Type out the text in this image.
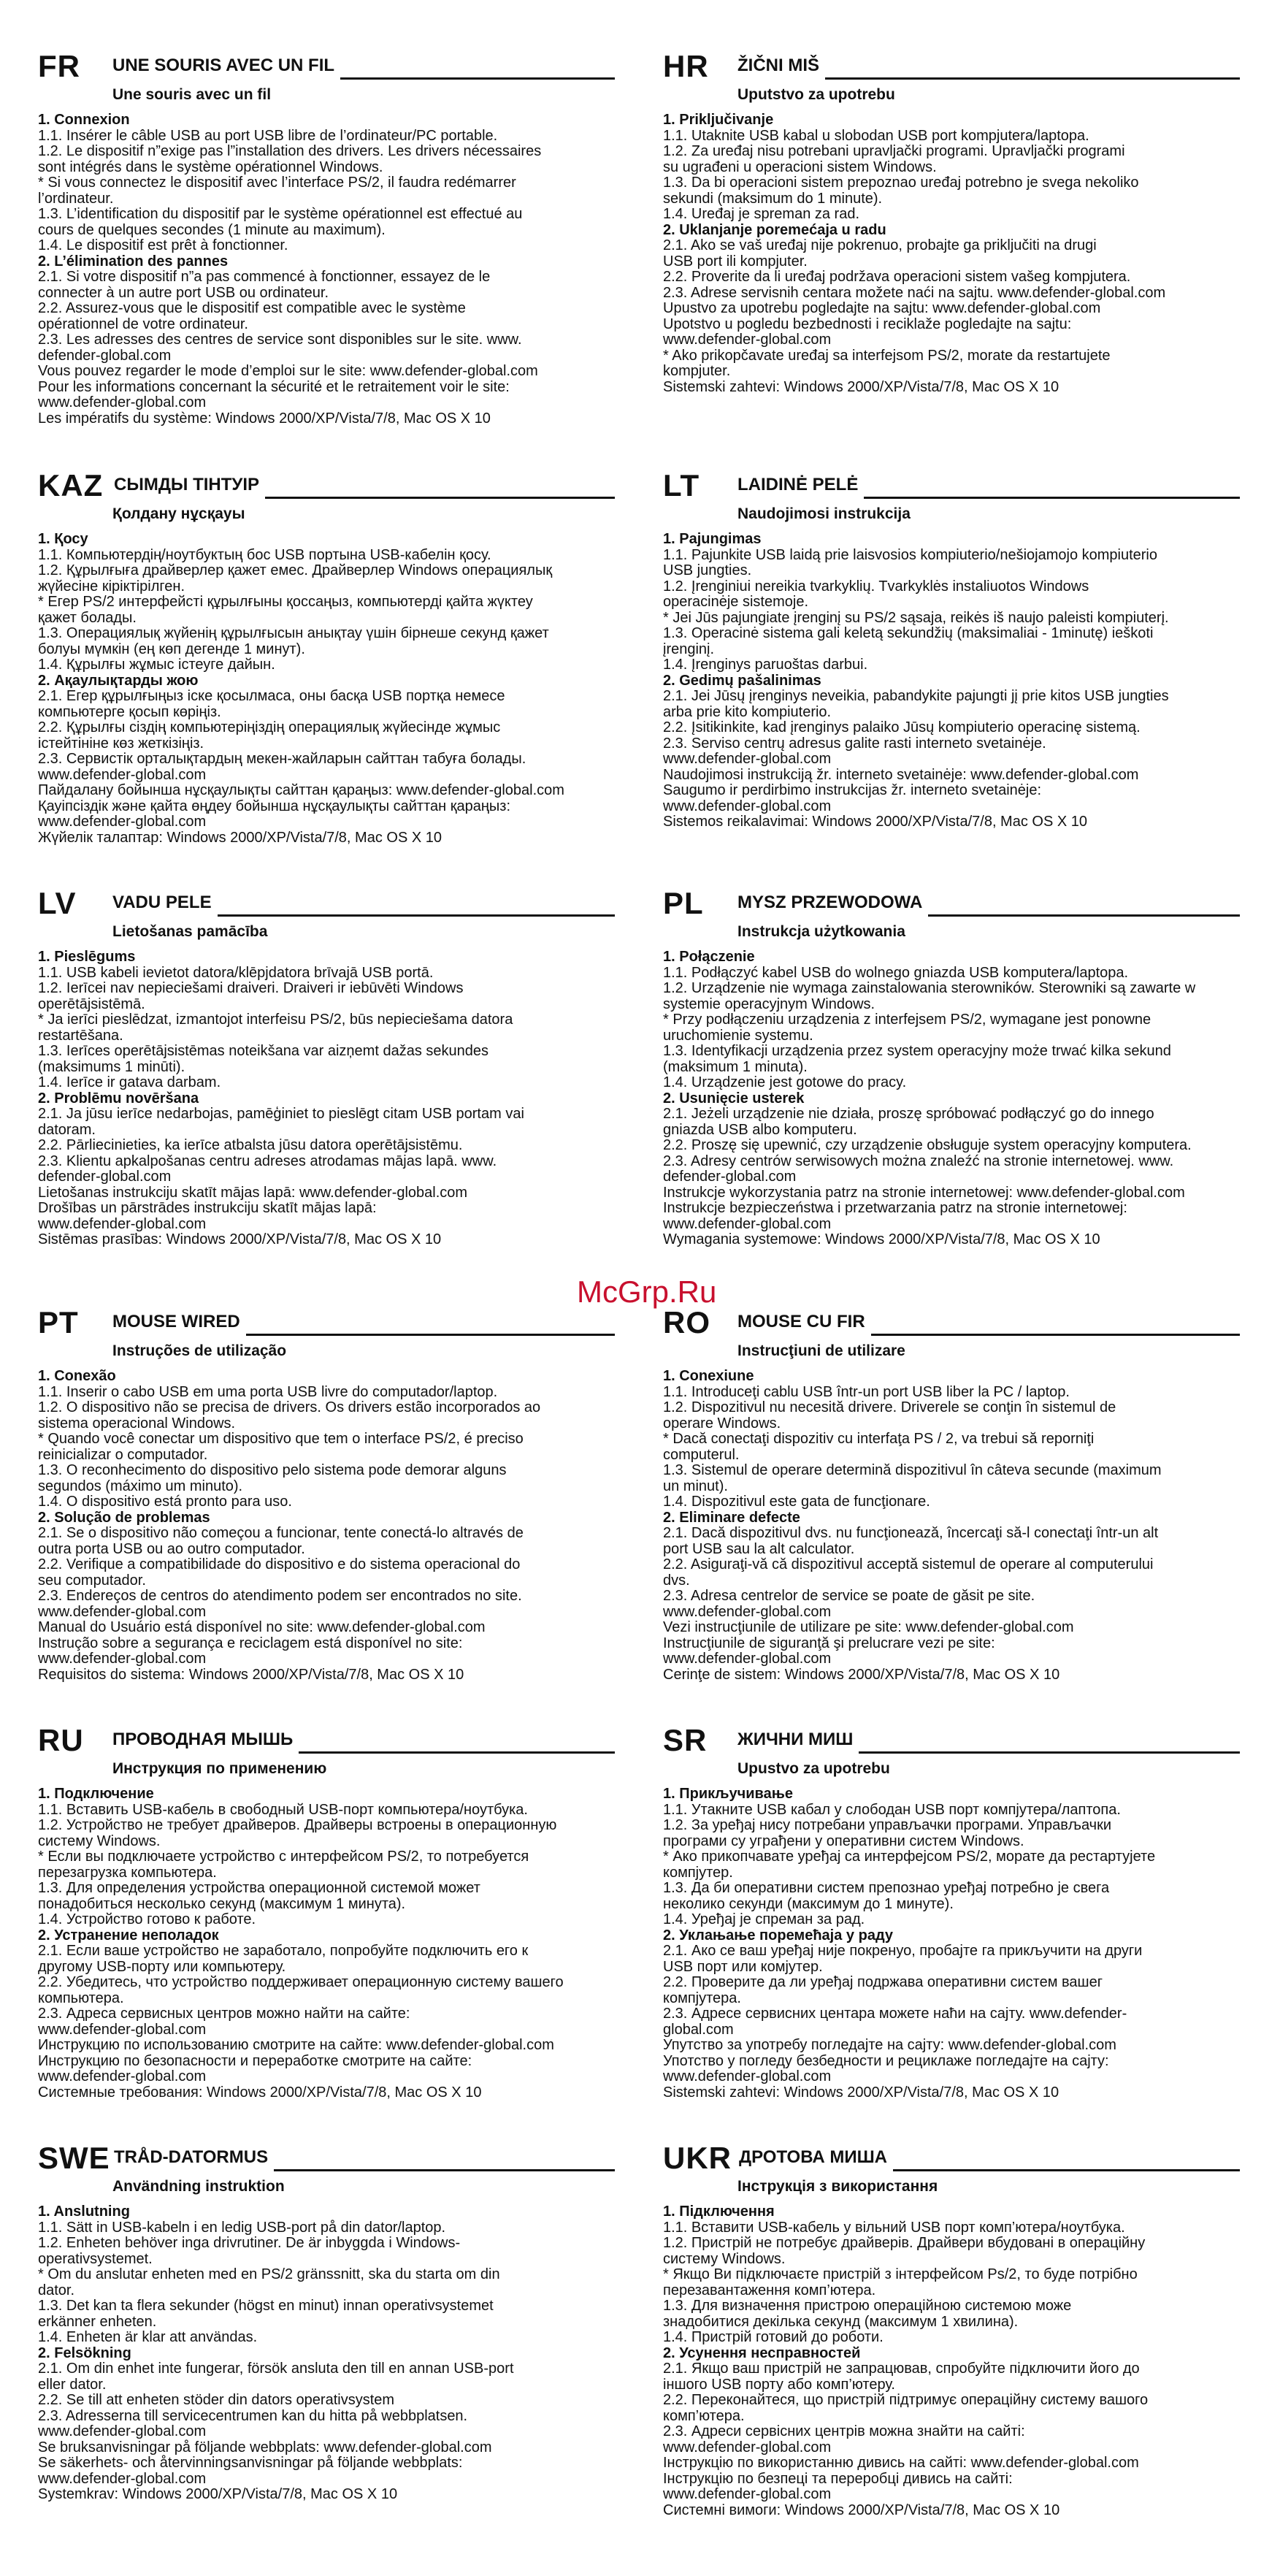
FR UNE SOURIS AVEC UN FIL
Une souris avec un fil
1. Connexion
1.1. Insérer le câble USB au port USB libre de l’ordinateur/PC portable.
1.2. Le dispositif n”exige pas l”installation des drivers. Les drivers nécessaires
sont intégrés dans le système opérationnel Windows.
* Si vous connectez le dispositif avec l’interface PS/2, il faudra redémarrer
l’ordinateur.
1.3. L’identification du dispositif par le système opérationnel est effectué au
cours de quelques secondes (1 minute au maximum).
1.4. Le dispositif est prêt à fonctionner.
2. L’élimination des pannes
2.1. Si votre dispositif n”a pas commencé à fonctionner, essayez de le
connecter à un autre port USB ou ordinateur.
2.2. Assurez-vous que le dispositif est compatible avec le système
opérationnel de votre ordinateur.
2.3. Les adresses des centres de service sont disponibles sur le site. www.
defender-global.com
Vous pouvez regarder le mode d’emploi sur le site: www.defender-global.com
Pour les informations concernant la sécurité et le retraitement voir le site:
www.defender-global.com
Les impératifs du système: Windows 2000/XP/Vista/7/8, Mac OS X 10
KAZ СЫМДЫ ТІНТУІР
Қолдану нұсқауы
1. Қосу
1.1. Компьютердің/ноутбуктың бос USB портына USB-кабелін қосу.
1.2. Құрылғыға драйверлер қажет емес. Драйверлер Windows операциялық
жүйесіне кіріктірілген.
* Егер PS/2 интерфейсті құрылғыны қоссаңыз, компьютерді қайта жүктеу
қажет болады.
1.3. Операциялық жүйенің құрылғысын анықтау үшін бірнеше секунд қажет
болуы мүмкін (ең көп дегенде 1 минут).
1.4. Құрылғы жұмыс істеуге дайын.
2. Ақаулықтарды жою
2.1. Егер құрылғыңыз іске қосылмаса, оны басқа USB портқа немесе
компьютерге қосып көріңіз.
2.2. Құрылғы сіздің компьютеріңіздің операциялық жүйесінде жұмыс
істейтініне көз жеткізіңіз.
2.3. Сервистік орталықтардың мекен-жайларын сайттан табуға болады.
www.defender-global.com
Пайдалану бойынша нұсқаулықты сайттан қараңыз: www.defender-global.com
Қауіпсіздік және қайта өңдеу бойынша нұсқаулықты сайттан қараңыз:
www.defender-global.com
Жүйелік талаптар: Windows 2000/XP/Vista/7/8, Mac OS X 10
LV VADU PELE
Lietošanas pamācība
1. Pieslēgums
1.1. USB kabeli ievietot datora/klēpjdatora brīvajā USB portā.
1.2. Ierīcei nav nepieciešami draiveri. Draiveri ir iebūvēti Windows
operētājsistēmā.
* Ja ierīci pieslēdzat, izmantojot interfeisu PS/2, būs nepieciešama datora
restartēšana.
1.3. Ierīces operētājsistēmas noteikšana var aizņemt dažas sekundes
(maksimums 1 minūti).
1.4. Ierīce ir gatava darbam.
2. Problēmu novēršana
2.1. Ja jūsu ierīce nedarbojas, pamēģiniet to pieslēgt citam USB portam vai
datoram.
2.2. Pārliecinieties, ka ierīce atbalsta jūsu datora operētājsistēmu.
2.3. Klientu apkalpošanas centru adreses atrodamas mājas lapā. www.
defender-global.com
Lietošanas instrukciju skatīt mājas lapā: www.defender-global.com
Drošības un pārstrādes instrukciju skatīt mājas lapā:
www.defender-global.com
Sistēmas prasības: Windows 2000/XP/Vista/7/8, Mac OS X 10
PT MOUSE WIRED
Instruções de utilização
1. Conexão
1.1. Inserir o cabo USB em uma porta USB livre do computador/laptop.
1.2. O dispositivo não se precisa de drivers. Os drivers estão incorporados ao
sistema operacional Windows.
* Quando você conectar um dispositivo que tem o interface PS/2, é preciso
reinicializar o computador.
1.3. O reconhecimento do dispositivo pelo sistema pode demorar alguns
segundos (máximo um minuto).
1.4. O dispositivo está pronto para uso.
2. Solução de problemas
2.1. Se o dispositivo não começou a funcionar, tente conectá-lo altravés de
outra porta USB ou ao outro computador.
2.2. Verifique a compatibilidade do dispositivo e do sistema operacional do
seu computador.
2.3. Endereços de centros do atendimento podem ser encontrados no site.
www.defender-global.com
Manual do Usuário está disponível no site: www.defender-global.com
Instrução sobre a segurança e reciclagem está disponível no site:
www.defender-global.com
Requisitos do sistema: Windows 2000/XP/Vista/7/8, Mac OS X 10
RU ПРОВОДНАЯ МЫШЬ
Инструкция по применению
1. Подключение
1.1. Вставить USB-кабель в свободный USB-порт компьютера/ноутбука.
1.2. Устройство не требует драйверов. Драйверы встроены в операционную
систему Windows.
* Если вы подключаете устройство с интерфейсом PS/2, то потребуется
перезагрузка компьютера.
1.3. Для определения устройства операционной системой может
понадобиться несколько секунд (максимум 1 минута).
1.4. Устройство готово к работе.
2. Устранение неполадок
2.1. Если ваше устройство не заработало, попробуйте подключить его к
другому USB-порту или компьютеру.
2.2. Убедитесь, что устройство поддерживает операционную систему вашего
компьютера.
2.3. Адреса сервисных центров можно найти на сайте:
www.defender-global.com
Инструкцию по использованию смотрите на сайте: www.defender-global.com
Инструкцию по безопасности и переработке смотрите на сайте:
www.defender-global.com
Системные требования: Windows 2000/XP/Vista/7/8, Mac OS X 10
SWE TRÅD-DATORMUS
Användning instruktion
1. Anslutning
1.1. Sätt in USB-kabeln i en ledig USB-port på din dator/laptop.
1.2. Enheten behöver inga drivrutiner. De är inbyggda i Windows-
operativsystemet.
* Om du anslutar enheten med en PS/2 gränssnitt, ska du starta om din
dator.
1.3. Det kan ta flera sekunder (högst en minut) innan operativsystemet
erkänner enheten.
1.4. Enheten är klar att användas.
2. Felsökning
2.1. Om din enhet inte fungerar, försök ansluta den till en annan USB-port
eller dator.
2.2. Se till att enheten stöder din dators operativsystem
2.3. Adresserna till servicecentrumen kan du hitta på webbplatsen.
www.defender-global.com
Se bruksanvisningar på följande webbplats: www.defender-global.com
Se säkerhets- och återvinningsanvisningar på följande webbplats:
www.defender-global.com
Systemkrav: Windows 2000/XP/Vista/7/8, Mac OS X 10
HR ŽIČNI MIŠ
Uputstvo za upotrebu
1. Priključivanje
1.1. Utaknite USB kabal u slobodan USB port kompjutera/laptopa.
1.2. Za uređaj nisu potrebani upravljački programi. Upravljački programi
su ugrađeni u operacioni sistem Windows.
1.3. Da bi operacioni sistem prepoznao uređaj potrebno je svega nekoliko
sekundi (maksimum do 1 minute).
1.4. Uređaj je spreman za rad.
2. Uklanjanje poremećaja u radu
2.1. Ako se vaš uređaj nije pokrenuo, probajte ga priključiti na drugi
USB port ili kompjuter.
2.2. Proverite da li uređaj podržava operacioni sistem vašeg kompjutera.
2.3. Adrese servisnih centara možete naći na sajtu. www.defender-global.com
Upustvo za upotrebu pogledajte na sajtu: www.defender-global.com
Upotstvo u pogledu bezbednosti i reciklaže pogledajte na sajtu:
www.defender-global.com
* Ako prikopčavate uređaj sa interfejsom PS/2, morate da restartujete
kompjuter.
Sistemski zahtevi: Windows 2000/XP/Vista/7/8, Mac OS X 10
LT LAIDINĖ PELĖ
Naudojimosi instrukcija
1. Pajungimas
1.1. Pajunkite USB laidą prie laisvosios kompiuterio/nešiojamojo kompiuterio
USB jungties.
1.2. Įrenginiui nereikia tvarkyklių. Tvarkyklės instaliuotos Windows
operacinėje sistemoje.
* Jei Jūs pajungiate įrenginį su PS/2 sąsaja, reikės iš naujo paleisti kompiuterį.
1.3. Operacinė sistema gali keletą sekundžių (maksimaliai - 1minutę) ieškoti
įrenginį.
1.4. Įrenginys paruoštas darbui.
2. Gedimų pašalinimas
2.1. Jei Jūsų įrenginys neveikia, pabandykite pajungti jį prie kitos USB jungties
arba prie kito kompiuterio.
2.2. Įsitikinkite, kad įrenginys palaiko Jūsų kompiuterio operacinę sistemą.
2.3. Serviso centrų adresus galite rasti interneto svetainėje.
www.defender-global.com
Naudojimosi instrukciją žr. interneto svetainėje: www.defender-global.com
Saugumo ir perdirbimo instrukcijas žr. interneto svetainėje:
www.defender-global.com
Sistemos reikalavimai: Windows 2000/XP/Vista/7/8, Mac OS X 10
PL MYSZ PRZEWODOWA
Instrukcja użytkowania
1. Połączenie
1.1. Podłączyć kabel USB do wolnego gniazda USB komputera/laptopa.
1.2. Urządzenie nie wymaga zainstalowania sterowników. Sterowniki są zawarte w
systemie operacyjnym Windows.
* Przy podłączeniu urządzenia z interfejsem PS/2, wymagane jest ponowne
uruchomienie systemu.
1.3. Identyfikacji urządzenia przez system operacyjny może trwać kilka sekund
(maksimum 1 minuta).
1.4. Urządzenie jest gotowe do pracy.
2. Usunięcie usterek
2.1. Jeżeli urządzenie nie działa, proszę spróbować podłączyć go do innego
gniazda USB albo komputeru.
2.2. Proszę się upewnić, czy urządzenie obsługuje system operacyjny komputera.
2.3. Adresy centrów serwisowych można znaleźć na stronie internetowej. www.
defender-global.com
Instrukcje wykorzystania patrz na stronie internetowej: www.defender-global.com
Instrukcje bezpieczeństwa i przetwarzania patrz na stronie internetowej:
www.defender-global.com
Wymagania systemowe: Windows 2000/XP/Vista/7/8, Mac OS X 10
RO MOUSE CU FIR
Instrucţiuni de utilizare
1. Conexiune
1.1. Introduceţi cablu USB într-un port USB liber la PC / laptop.
1.2. Dispozitivul nu necesită drivere. Driverele se conţin în sistemul de
operare Windows.
* Dacă conectaţi dispozitiv cu interfaţa PS / 2, va trebui să reporniţi
computerul.
1.3. Sistemul de operare determină dispozitivul în câteva secunde (maximum
un minut).
1.4. Dispozitivul este gata de funcţionare.
2. Eliminare defecte
2.1. Dacă dispozitivul dvs. nu funcţionează, încercaţi să-l conectaţi într-un alt
port USB sau la alt calculator.
2.2. Asiguraţi-vă că dispozitivul acceptă sistemul de operare al computerului
dvs.
2.3. Adresa centrelor de service se poate de găsit pe site.
www.defender-global.com
Vezi instrucţiunile de utilizare pe site: www.defender-global.com
Instrucţiunile de siguranţă şi prelucrare vezi pe site:
www.defender-global.com
Cerinţe de sistem: Windows 2000/XP/Vista/7/8, Mac OS X 10
SR ЖИЧНИ МИШ
Upustvo za upotrebu
1. Прикључивање
1.1. Утакните USB кабал у слободан USB порт компјутера/лаптопа.
1.2. За уређај нису потребани управљачки програми. Управљачки
програми су уграђени у оперативни систем Windows.
* Ако прикопчавате уређај са интерфејсом PS/2, морате да рестартујете
компјутер.
1.3. Да би оперативни систем препознао уређај потребно је свега
неколико секунди (максимум до 1 минуте).
1.4. Уређај је спреман за рад.
2. Уклањање поремећаја у раду
2.1. Ако се ваш уређај није покренуо, пробајте га прикључити на други
USB порт или комјутер.
2.2. Проверите да ли уређај подржава оперативни систем вашег
компјутера.
2.3. Адресе сервисних центара можете наћи на сајту. www.defender-
global.com
Упутство за употребу погледајте на сајту: www.defender-global.com
Употство у погледу безбедности и рециклаже погледајте на сајту:
www.defender-global.com
Sistemski zahtevi: Windows 2000/XP/Vista/7/8, Mac OS X 10
UKR ДРОТОВА МИША
Інструкція з використання
1. Підключення
1.1. Вставити USB-кабель у вільний USB порт комп’ютера/ноутбука.
1.2. Пристрій не потребує драйверів. Драйвери вбудовані в операційну
систему Windows.
* Якщо Ви підключаєте пристрій з інтерфейсом Ps/2, то буде потрібно
перезавантаження комп’ютера.
1.3. Для визначення пристрою операційною системою може
знадобитися декілька секунд (максимум 1 хвилина).
1.4. Пристрій готовий до роботи.
2. Усунення несправностей
2.1. Якщо ваш пристрій не запрацював, спробуйте підключити його до
іншого USB порту або комп’ютеру.
2.2. Переконайтеся, що пристрій підтримує операційну систему вашого
комп’ютера.
2.3. Адреси сервісних центрів можна знайти на сайті:
www.defender-global.com
Інструкцію по використанню дивись на сайті: www.defender-global.com
Інструкцію по безпеці та переробці дивись на сайті:
www.defender-global.com
Системні вимоги: Windows 2000/XP/Vista/7/8, Mac OS X 10
McGrp.Ru
